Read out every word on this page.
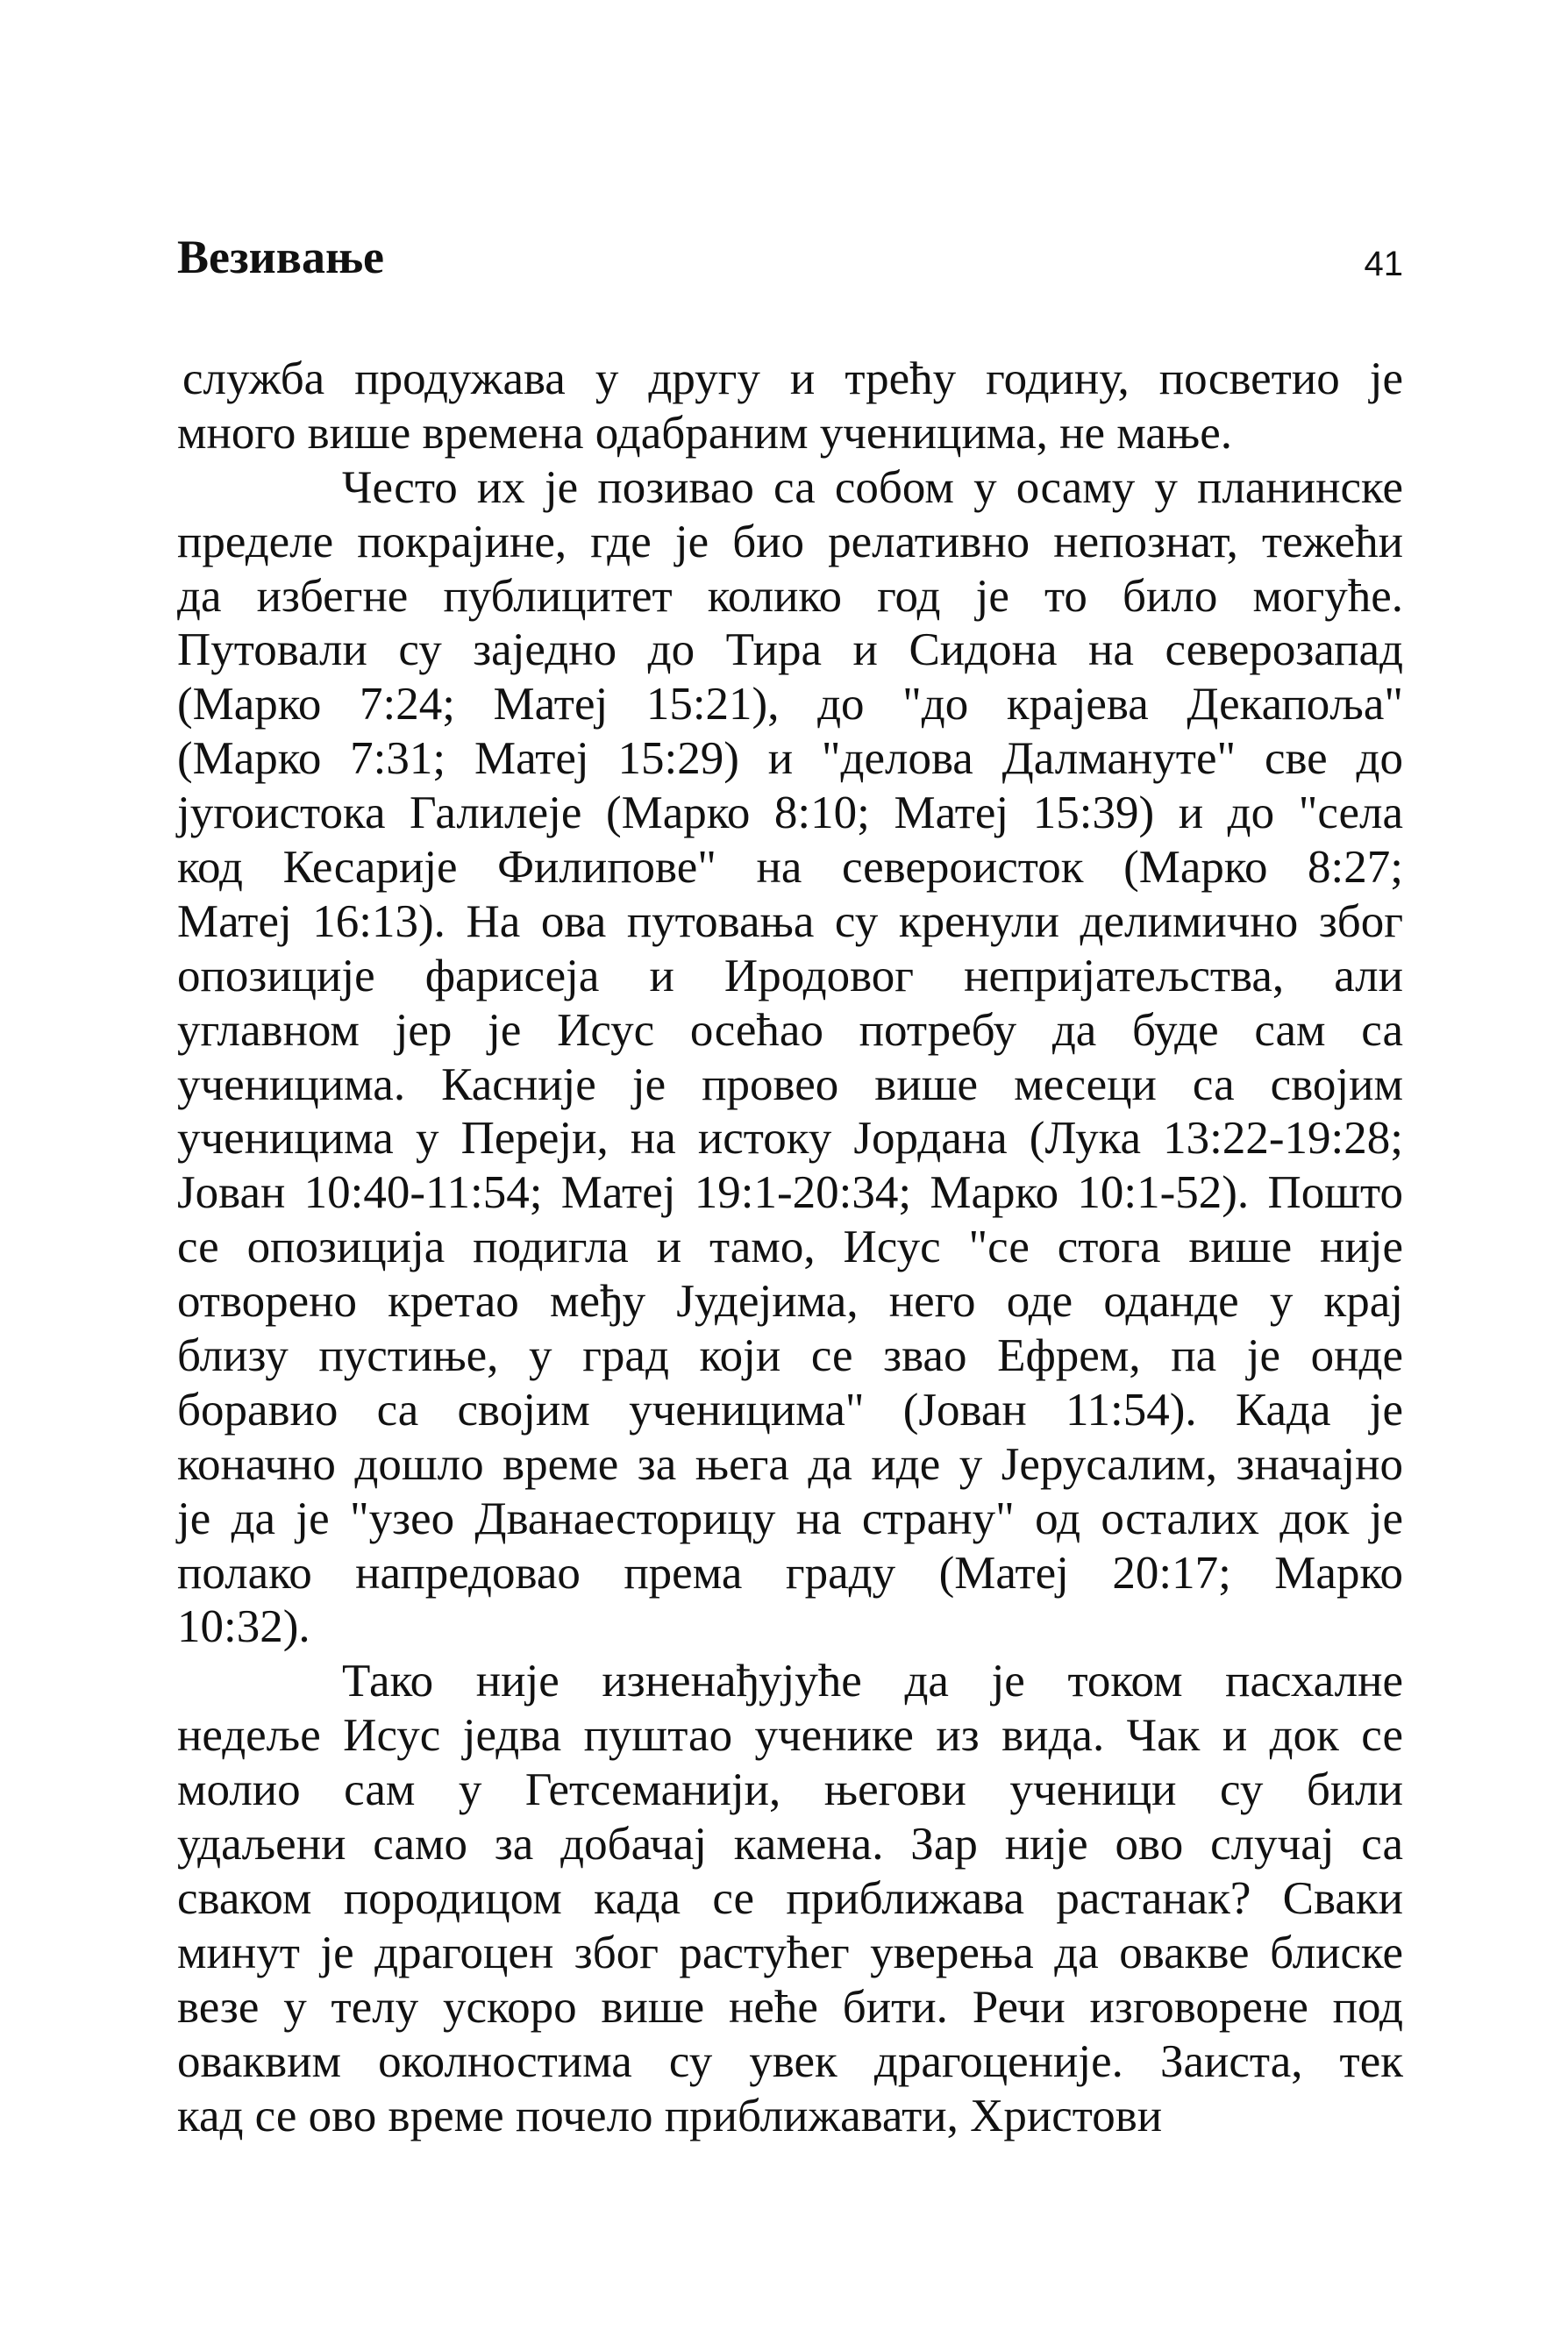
Везивање	41
служба продужава у другу и трећу годину, посветио је
много више времена одабраним ученицима, не мање.
Често их је позивао са собом у осаму у планинске
пределе покрајине, где је био релативно непознат, тежећи
да избегне публицитет колико год је то било могуће.
Путовали су заједно до Тира и Сидона на северозапад
(Марко 7:24; Матеј 15:21), до "до крајева Декапоља"
(Марко 7:31; Матеј 15:29) и "делова Далмануте" све до
југоистока Галилеје (Марко 8:10; Матеј 15:39) и до "села
код Кесарије Филипове" на североисток (Марко 8:27;
Матеј 16:13). На ова путовања су кренули делимично због
опозиције фарисеја и Иродовог непријатељства, али
углавном јер је Исус осећао потребу да буде сам са
ученицима. Касније је провео више месеци са својим
ученицима у Переји, на истоку Јордана (Лука 13:22-19:28;
Јован 10:40-11:54; Матеј 19:1-20:34; Марко 10:1-52). Пошто
се опозиција подигла и тамо, Исус "се стога више није
отворено кретао међу Јудејима, него оде оданде у крај
близу пустиње, у град који се звао Ефрем, па је онде
боравио са својим ученицима" (Јован 11:54). Када је
коначно дошло време за њега да иде у Јерусалим, значајно
је да је "узео Дванаесторицу на страну" од осталих док је
полако напредовао према граду (Матеј 20:17; Марко
10:32).
Тако није изненађујуће да је током пасхалне
недеље Исус једва пуштао ученике из вида. Чак и док се
молио сам у Гетсеманији, његови ученици су били
удаљени само за добачај камена. Зар није ово случај са
сваком породицом када се приближава растанак? Сваки
минут је драгоцен због растућег уверења да овакве блиске
везе у телу ускоро више неће бити. Речи изговорене под
оваквим околностима су увек драгоценије. Заиста, тек
кад се ово време почело приближавати, Христови
